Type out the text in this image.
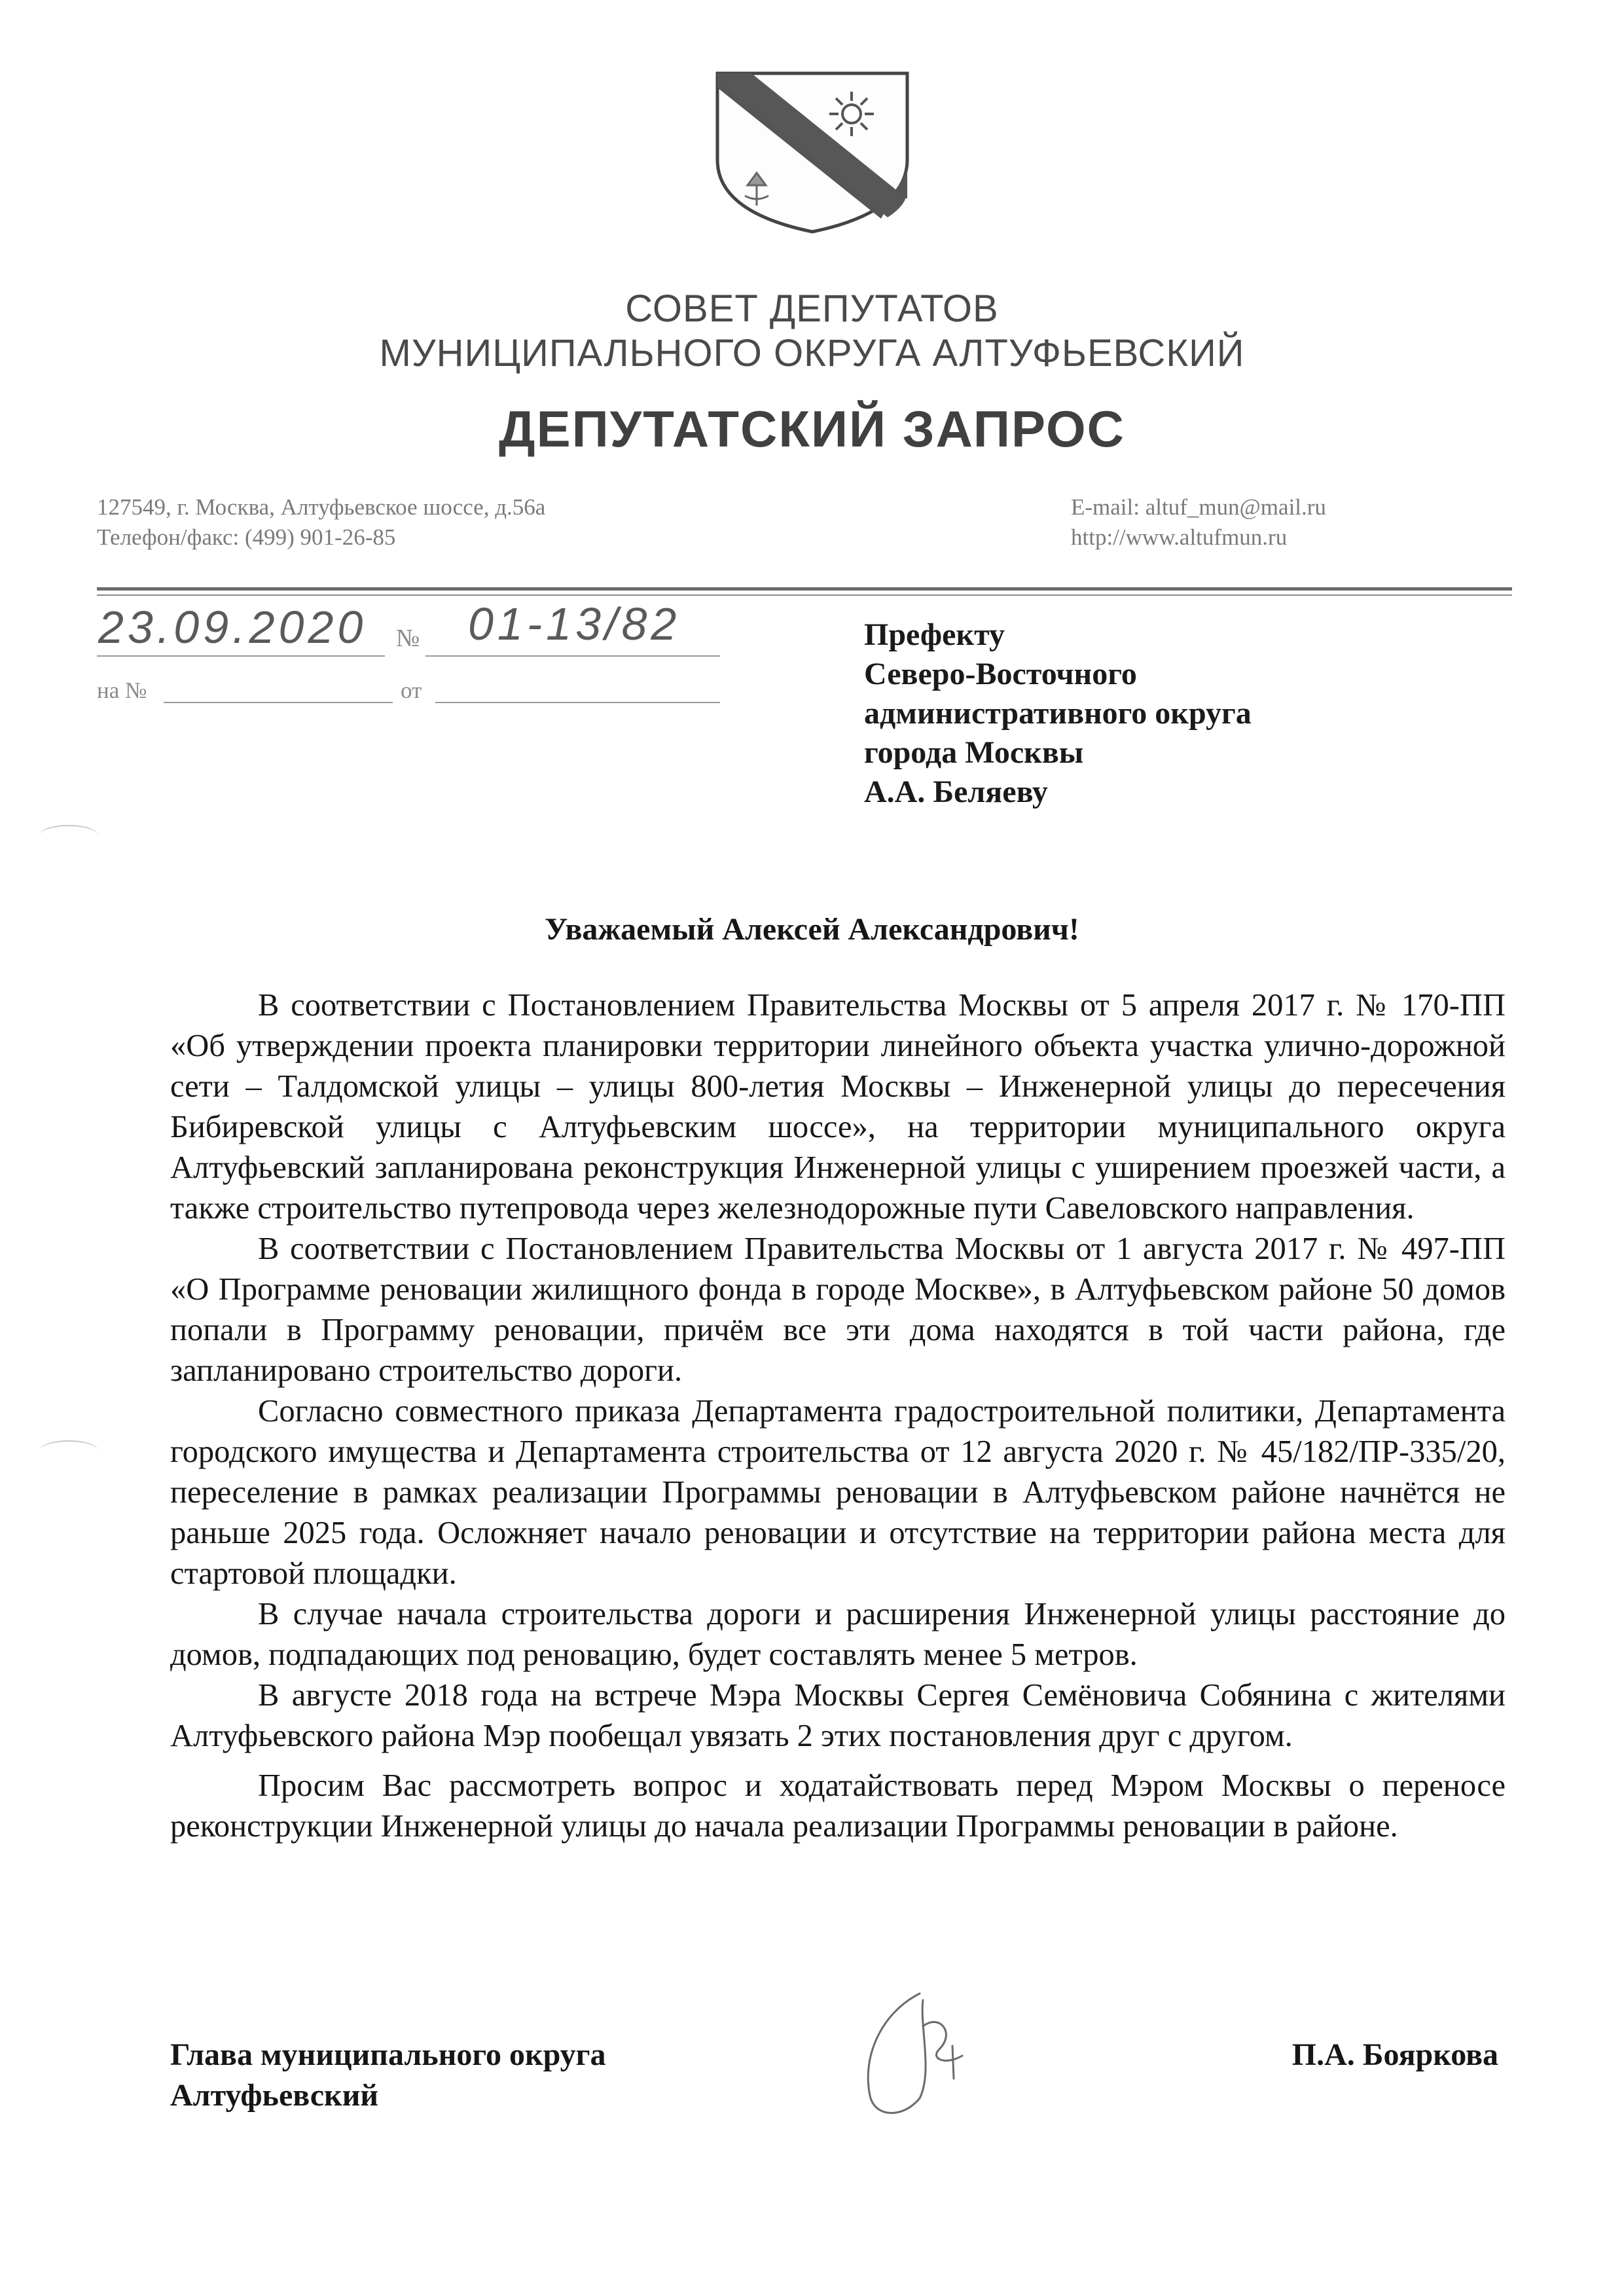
СОВЕТ ДЕПУТАТОВ
МУНИЦИПАЛЬНОГО ОКРУГА АЛТУФЬЕВСКИЙ
ДЕПУТАТСКИЙ ЗАПРОС
127549, г. Москва, Алтуфьевское шоссе, д.56а
Телефон/факс: (499) 901-26-85
E-mail: altuf_mun@mail.ru
http://www.altufmun.ru
23.09.2020 № 01-13/82
на №	от
Префекту
Северо-Восточного
административного округа
города Москвы
А.А. Беляеву
Уважаемый Алексей Александрович!

В соответствии с Постановлением Правительства Москвы от 5 апреля 2017 г. № 170-ПП «Об утверждении проекта планировки территории линейного объекта участка улично-дорожной сети – Талдомской улицы – улицы 800-летия Москвы – Инженерной улицы до пересечения Бибиревской улицы с Алтуфьевским шоссе», на территории муниципального округа Алтуфьевский запланирована реконструкция Инженерной улицы с уширением проезжей части, а также строительство путепровода через железнодорожные пути Савеловского направления.

В соответствии с Постановлением Правительства Москвы от 1 августа 2017 г. № 497-ПП «О Программе реновации жилищного фонда в городе Москве», в Алтуфьевском районе 50 домов попали в Программу реновации, причём все эти дома находятся в той части района, где запланировано строительство дороги.

Согласно совместного приказа Департамента градостроительной политики, Департамента городского имущества и Департамента строительства от 12 августа 2020 г. № 45/182/ПР-335/20, переселение в рамках реализации Программы реновации в Алтуфьевском районе начнётся не раньше 2025 года. Осложняет начало реновации и отсутствие на территории района места для стартовой площадки.

В случае начала строительства дороги и расширения Инженерной улицы расстояние до домов, подпадающих под реновацию, будет составлять менее 5 метров.

В августе 2018 года на встрече Мэра Москвы Сергея Семёновича Собянина с жителями Алтуфьевского района Мэр пообещал увязать 2 этих постановления друг с другом.

Просим Вас рассмотреть вопрос и ходатайствовать перед Мэром Москвы о переносе реконструкции Инженерной улицы до начала реализации Программы реновации в районе.

Глава муниципального округа
Алтуфьевский
П.А. Бояркова
